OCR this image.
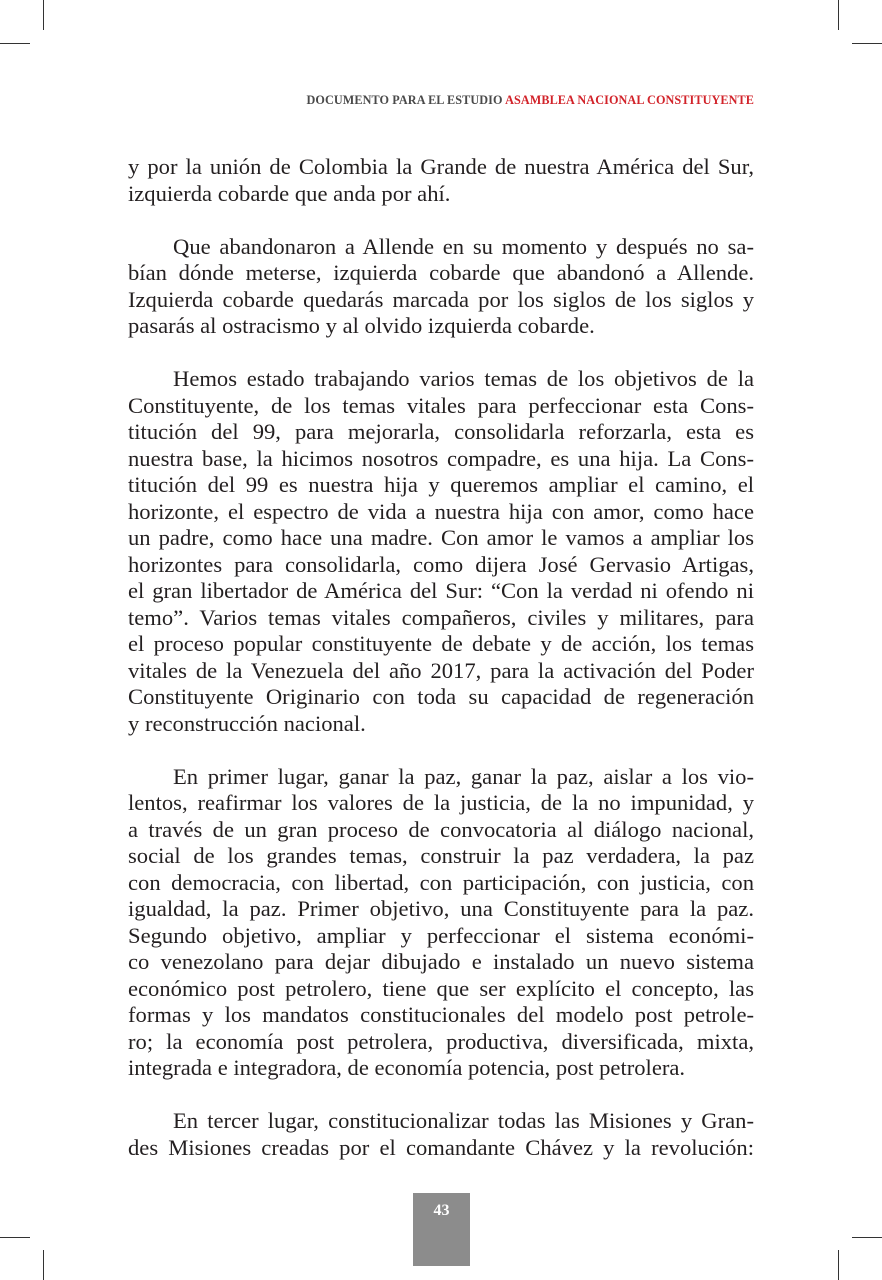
DOCUMENTO PARA EL ESTUDIO ASAMBLEA NACIONAL CONSTITUYENTE
y por la unión de Colombia la Grande de nuestra América del Sur,
izquierda cobarde que anda por ahí.
Que abandonaron a Allende en su momento y después no sa-
bían dónde meterse, izquierda cobarde que abandonó a Allende.
Izquierda cobarde quedarás marcada por los siglos de los siglos y
pasarás al ostracismo y al olvido izquierda cobarde.
Hemos estado trabajando varios temas de los objetivos de la
Constituyente, de los temas vitales para perfeccionar esta Cons-
titución del 99, para mejorarla, consolidarla reforzarla, esta es
nuestra base, la hicimos nosotros compadre, es una hija. La Cons-
titución del 99 es nuestra hija y queremos ampliar el camino, el
horizonte, el espectro de vida a nuestra hija con amor, como hace
un padre, como hace una madre. Con amor le vamos a ampliar los
horizontes para consolidarla, como dijera José Gervasio Artigas,
el gran libertador de América del Sur: “Con la verdad ni ofendo ni
temo”. Varios temas vitales compañeros, civiles y militares, para
el proceso popular constituyente de debate y de acción, los temas
vitales de la Venezuela del año 2017, para la activación del Poder
Constituyente Originario con toda su capacidad de regeneración
y reconstrucción nacional.
En primer lugar, ganar la paz, ganar la paz, aislar a los vio-
lentos, reafirmar los valores de la justicia, de la no impunidad, y
a través de un gran proceso de convocatoria al diálogo nacional,
social de los grandes temas, construir la paz verdadera, la paz
con democracia, con libertad, con participación, con justicia, con
igualdad, la paz. Primer objetivo, una Constituyente para la paz.
Segundo objetivo, ampliar y perfeccionar el sistema económi-
co venezolano para dejar dibujado e instalado un nuevo sistema
económico post petrolero, tiene que ser explícito el concepto, las
formas y los mandatos constitucionales del modelo post petrole-
ro; la economía post petrolera, productiva, diversificada, mixta,
integrada e integradora, de economía potencia, post petrolera.
En tercer lugar, constitucionalizar todas las Misiones y Gran-
des Misiones creadas por el comandante Chávez y la revolución:
43
